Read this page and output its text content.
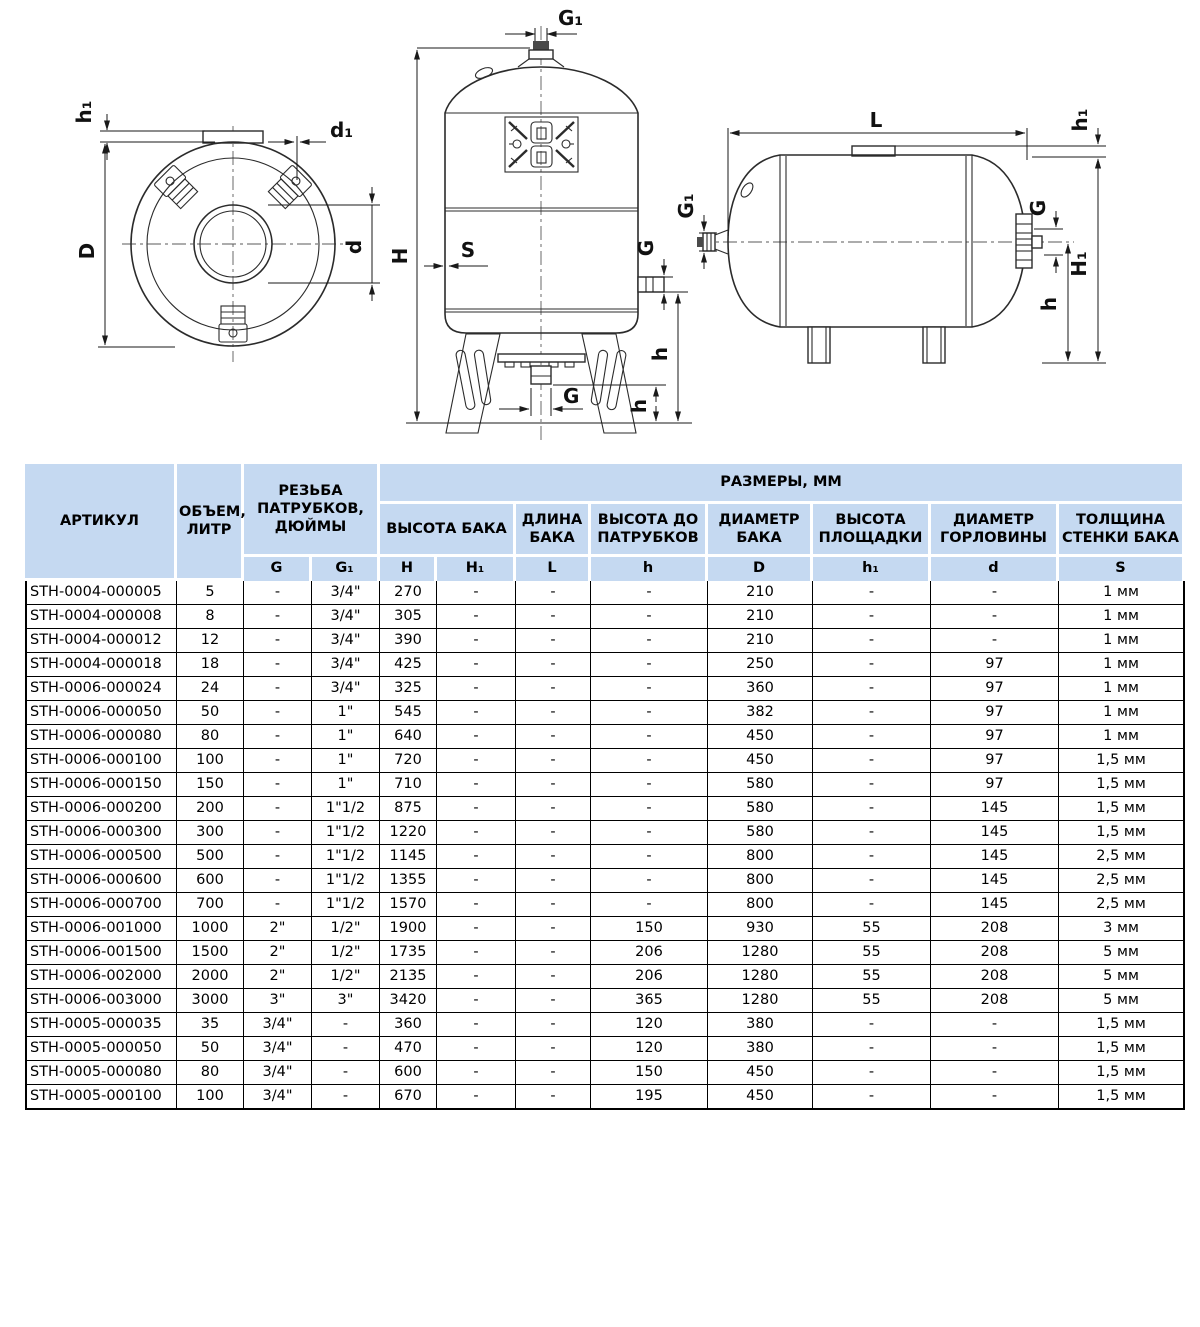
h₁
D
d₁
d
G₁
H S	G
h
h
G
L	h₁
H₁
h
G
G₁
АРТИКУЛ	ОБЪЕМ, ЛИТР	РЕЗЬБА ПАТРУБКОВ, ДЮЙМЫ		РАЗМЕРЫ, ММ							
				ВЫСОТА БАКА		ДЛИНА БАКА	ВЫСОТА ДО ПАТРУБКОВ	ДИАМЕТР БАКА	ВЫСОТА ПЛОЩАДКИ	ДИАМЕТР ГОРЛОВИНЫ	ТОЛЩИНА СТЕНКИ БАКА
		G	G₁	H	H₁	L	h	D	h₁	d	S
STH-0004-000005	5	-	3/4"	270	-	-	-	210	-	-	1 мм
STH-0004-000008	8	-	3/4"	305	-	-	-	210	-	-	1 мм
STH-0004-000012	12	-	3/4"	390	-	-	-	210	-	-	1 мм
STH-0004-000018	18	-	3/4"	425	-	-	-	250	-	97	1 мм
STH-0006-000024	24	-	3/4"	325	-	-	-	360	-	97	1 мм
STH-0006-000050	50	-	1"	545	-	-	-	382	-	97	1 мм
STH-0006-000080	80	-	1"	640	-	-	-	450	-	97	1 мм
STH-0006-000100	100	-	1"	720	-	-	-	450	-	97	1,5 мм
STH-0006-000150	150	-	1"	710	-	-	-	580	-	97	1,5 мм
STH-0006-000200	200	-	1"1/2	875	-	-	-	580	-	145	1,5 мм
STH-0006-000300	300	-	1"1/2	1220	-	-	-	580	-	145	1,5 мм
STH-0006-000500	500	-	1"1/2	1145	-	-	-	800	-	145	2,5 мм
STH-0006-000600	600	-	1"1/2	1355	-	-	-	800	-	145	2,5 мм
STH-0006-000700	700	-	1"1/2	1570	-	-	-	800	-	145	2,5 мм
STH-0006-001000	1000	2"	1/2"	1900	-	-	150	930	55	208	3 мм
STH-0006-001500	1500	2"	1/2"	1735	-	-	206	1280	55	208	5 мм
STH-0006-002000	2000	2"	1/2"	2135	-	-	206	1280	55	208	5 мм
STH-0006-003000	3000	3"	3"	3420	-	-	365	1280	55	208	5 мм
STH-0005-000035	35	3/4"	-	360	-	-	120	380	-	-	1,5 мм
STH-0005-000050	50	3/4"	-	470	-	-	120	380	-	-	1,5 мм
STH-0005-000080	80	3/4"	-	600	-	-	150	450	-	-	1,5 мм
STH-0005-000100	100	3/4"	-	670	-	-	195	450	-	-	1,5 мм
